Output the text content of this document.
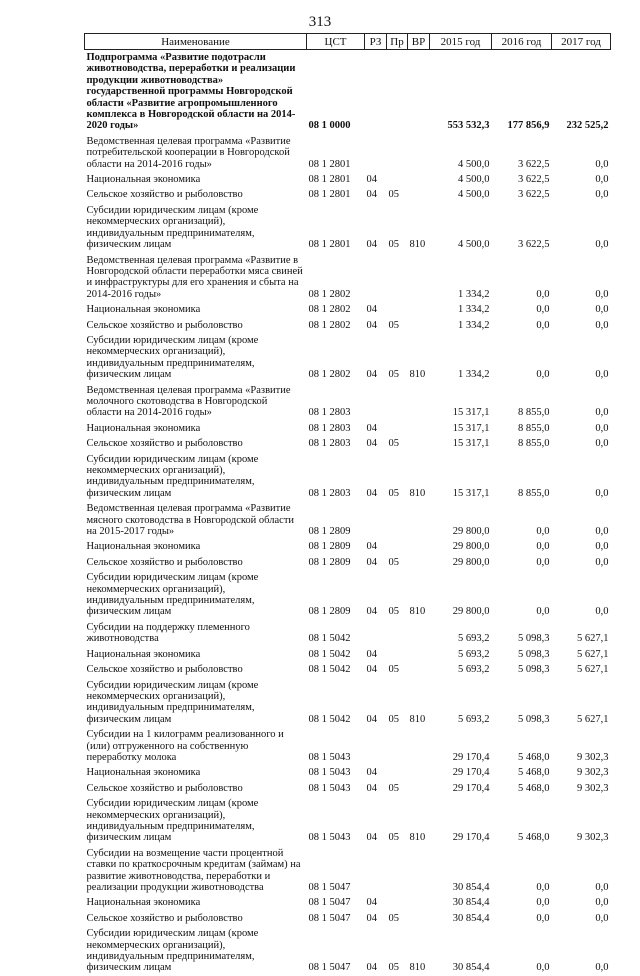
313
Наименование	ЦСТ	РЗ	Пр	ВР	2015 год	2016 год	2017 год
Подпрограмма «Развитие подотрасли животноводства, переработки и реализации продукции животноводства» государственной программы Новгородской области «Развитие агропромышленного комплекса в Новгородской области на 2014-2020 годы»	08 1 0000				553 532,3	177 856,9	232 525,2
Ведомственная целевая программа «Развитие потребительской кооперации в Новгородской области на 2014-2016 годы»	08 1 2801				4 500,0	3 622,5	0,0
Национальная экономика	08 1 2801	04			4 500,0	3 622,5	0,0
Сельское хозяйство и рыболовство	08 1 2801	04	05		4 500,0	3 622,5	0,0
Субсидии юридическим лицам (кроме некоммерческих организаций), индивидуальным предпринимателям, физическим лицам	08 1 2801	04	05	810	4 500,0	3 622,5	0,0
Ведомственная целевая программа «Развитие в Новгородской области переработки мяса свиней и инфраструктуры для его хранения и сбыта на 2014-2016 годы»	08 1 2802				1 334,2	0,0	0,0
Национальная экономика	08 1 2802	04			1 334,2	0,0	0,0
Сельское хозяйство и рыболовство	08 1 2802	04	05		1 334,2	0,0	0,0
Субсидии юридическим лицам (кроме некоммерческих организаций), индивидуальным предпринимателям, физическим лицам	08 1 2802	04	05	810	1 334,2	0,0	0,0
Ведомственная целевая программа «Развитие молочного скотоводства в Новгородской области на 2014-2016 годы»	08 1 2803				15 317,1	8 855,0	0,0
Национальная экономика	08 1 2803	04			15 317,1	8 855,0	0,0
Сельское хозяйство и рыболовство	08 1 2803	04	05		15 317,1	8 855,0	0,0
Субсидии юридическим лицам (кроме некоммерческих организаций), индивидуальным предпринимателям, физическим лицам	08 1 2803	04	05	810	15 317,1	8 855,0	0,0
Ведомственная целевая программа «Развитие мясного скотоводства в Новгородской области на 2015-2017 годы»	08 1 2809				29 800,0	0,0	0,0
Национальная экономика	08 1 2809	04			29 800,0	0,0	0,0
Сельское хозяйство и рыболовство	08 1 2809	04	05		29 800,0	0,0	0,0
Субсидии юридическим лицам (кроме некоммерческих организаций), индивидуальным предпринимателям, физическим лицам	08 1 2809	04	05	810	29 800,0	0,0	0,0
Субсидии на поддержку племенного животноводства	08 1 5042				5 693,2	5 098,3	5 627,1
Национальная экономика	08 1 5042	04			5 693,2	5 098,3	5 627,1
Сельское хозяйство и рыболовство	08 1 5042	04	05		5 693,2	5 098,3	5 627,1
Субсидии юридическим лицам (кроме некоммерческих организаций), индивидуальным предпринимателям, физическим лицам	08 1 5042	04	05	810	5 693,2	5 098,3	5 627,1
Субсидии на 1 килограмм реализованного и (или) отгруженного на собственную переработку молока	08 1 5043				29 170,4	5 468,0	9 302,3
Национальная экономика	08 1 5043	04			29 170,4	5 468,0	9 302,3
Сельское хозяйство и рыболовство	08 1 5043	04	05		29 170,4	5 468,0	9 302,3
Субсидии юридическим лицам (кроме некоммерческих организаций), индивидуальным предпринимателям, физическим лицам	08 1 5043	04	05	810	29 170,4	5 468,0	9 302,3
Субсидии на возмещение части процентной ставки по краткосрочным кредитам (займам) на развитие животноводства, переработки и реализации продукции животноводства	08 1 5047				30 854,4	0,0	0,0
Национальная экономика	08 1 5047	04			30 854,4	0,0	0,0
Сельское хозяйство и рыболовство	08 1 5047	04	05		30 854,4	0,0	0,0
Субсидии юридическим лицам (кроме некоммерческих организаций), индивидуальным предпринимателям, физическим лицам	08 1 5047	04	05	810	30 854,4	0,0	0,0
